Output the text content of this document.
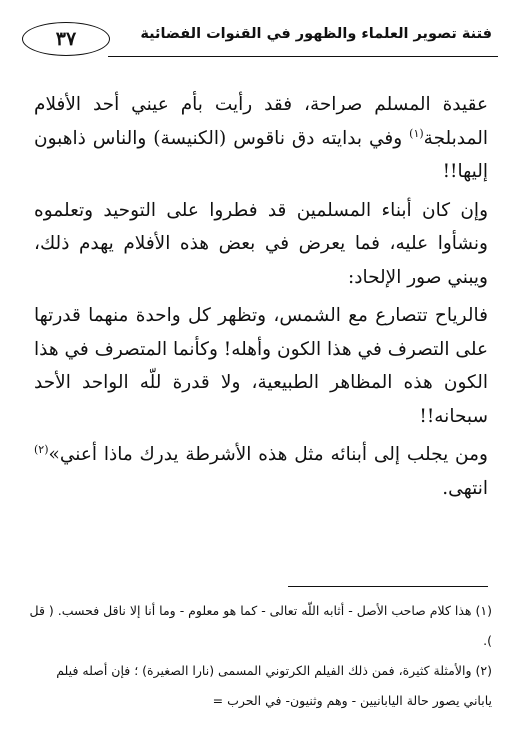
٣٧	فتنة تصوير العلماء والظهور في القنوات الفضائية

عقيدة المسلم صراحة، فقد رأيت بأم عيني أحد الأفلام المدبلجة$^{(١)}$ وفي بدايته دق ناقوس (الكنيسة) والناس ذاهبون إليها!!

وإن كان أبناء المسلمين قد فطروا على التوحيد وتعلموه ونشأوا عليه، فما يعرض في بعض هذه الأفلام يهدم ذلك، ويبني صور الإلحاد:

فالرياح تتصارع مع الشمس، وتظهر كل واحدة منهما قدرتها على التصرف في هذا الكون وأهله! وكأنما المتصرف في هذا الكون هذه المظاهر الطبيعية، ولا قدرة للّه الواحد الأحد سبحانه!!

ومن يجلب إلى أبنائه مثل هذه الأشرطة يدرك ماذا أعني»$^{(٢)}$ انتهى.

(١)هذا كلام صاحب الأصل - أثابه اللّه تعالى - كما هو معلوم - وما أنا إلا ناقل فحسب. ( قل ).

(٢)والأمثلة كثيرة، فمن ذلك الفيلم الكرتوني المسمى (نارا الصغيرة) ؛ فإن أصله فيلم ياباني يصور حالة اليابانيين - وهم وثنيون- في الحرب =
